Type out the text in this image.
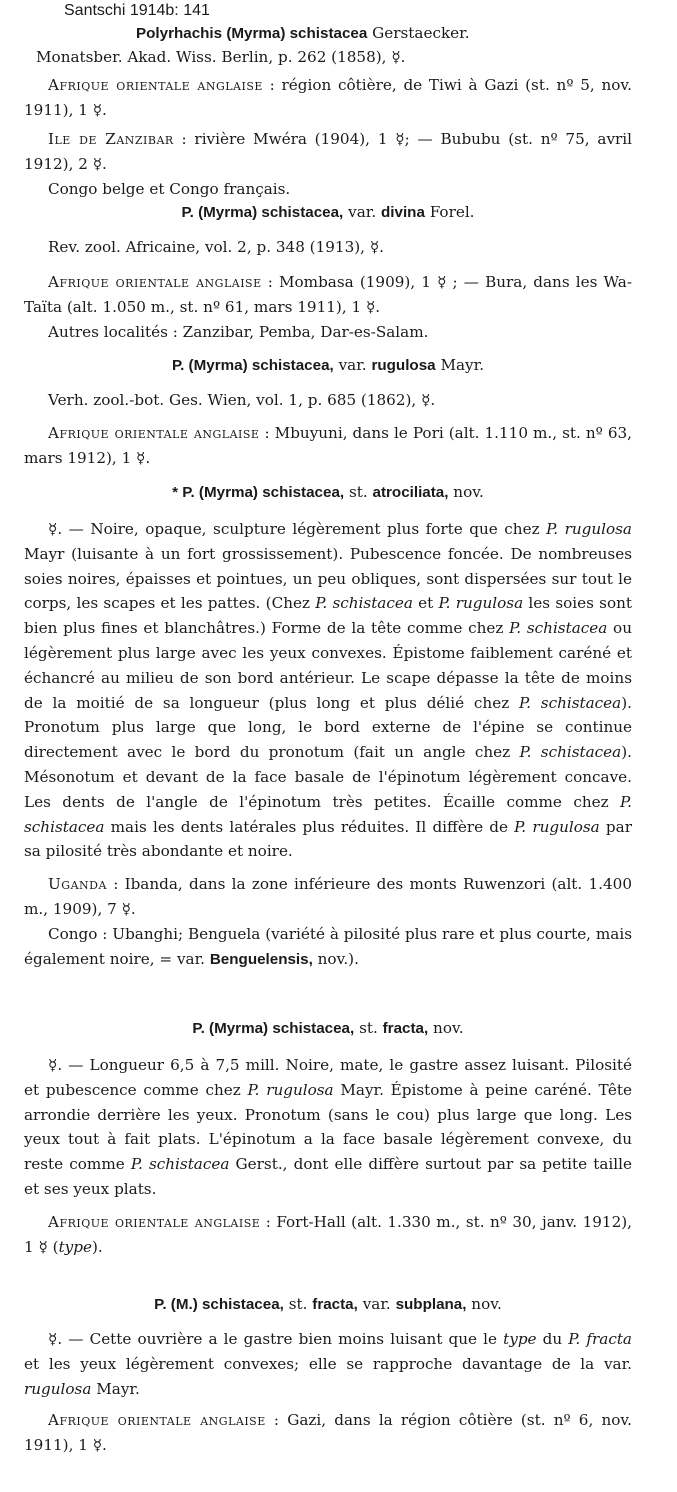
Santschi 1914b: 141

Polyrhachis (Myrma) schistacea Gerstaecker.

Monatsber. Akad. Wiss. Berlin, p. 262 (1858), ☿.

Afrique orientale anglaise : région côtière, de Tiwi à Gazi (st. nº 5, nov. 1911), 1 ☿.

Ile de Zanzibar : rivière Mwéra (1904), 1 ☿; — Bububu (st. nº 75, avril 1912), 2 ☿.

Congo belge et Congo français.

P. (Myrma) schistacea, var. divina Forel.

Rev. zool. Africaine, vol. 2, p. 348 (1913), ☿.

Afrique orientale anglaise : Mombasa (1909), 1 ☿ ; — Bura, dans les Wa-Taïta (alt. 1.050 m., st. nº 61, mars 1911), 1 ☿.

Autres localités : Zanzibar, Pemba, Dar-es-Salam.

P. (Myrma) schistacea, var. rugulosa Mayr.

Verh. zool.-bot. Ges. Wien, vol. 1, p. 685 (1862), ☿.

Afrique orientale anglaise : Mbuyuni, dans le Pori (alt. 1.110 m., st. nº 63, mars 1912), 1 ☿.

* P. (Myrma) schistacea, st. atrociliata, nov.

☿. — Noire, opaque, sculpture légèrement plus forte que chez P. rugulosa Mayr (luisante à un fort grossissement). Pubescence foncée. De nombreuses soies noires, épaisses et pointues, un peu obliques, sont dispersées sur tout le corps, les scapes et les pattes. (Chez P. schistacea et P. rugulosa les soies sont bien plus fines et blanchâtres.) Forme de la tête comme chez P. schistacea ou légèrement plus large avec les yeux convexes. Épistome faiblement caréné et échancré au milieu de son bord antérieur. Le scape dépasse la tête de moins de la moitié de sa longueur (plus long et plus délié chez P. schistacea). Pronotum plus large que long, le bord externe de l'épine se continue directement avec le bord du pronotum (fait un angle chez P. schistacea). Mésonotum et devant de la face basale de l'épinotum légèrement concave. Les dents de l'angle de l'épinotum très petites. Écaille comme chez P. schistacea mais les dents latérales plus réduites. Il diffère de P. rugulosa par sa pilosité très abondante et noire.

Uganda : Ibanda, dans la zone inférieure des monts Ruwenzori (alt. 1.400 m., 1909), 7 ☿.

Congo : Ubanghi; Benguela (variété à pilosité plus rare et plus courte, mais également noire, = var. Benguelensis, nov.).

P. (Myrma) schistacea, st. fracta, nov.

☿. — Longueur 6,5 à 7,5 mill. Noire, mate, le gastre assez luisant. Pilosité et pubescence comme chez P. rugulosa Mayr. Épistome à peine caréné. Tête arrondie derrière les yeux. Pronotum (sans le cou) plus large que long. Les yeux tout à fait plats. L'épinotum a la face basale légèrement convexe, du reste comme P. schistacea Gerst., dont elle diffère surtout par sa petite taille et ses yeux plats.

Afrique orientale anglaise : Fort-Hall (alt. 1.330 m., st. nº 30, janv. 1912), 1 ☿ (type).

P. (M.) schistacea, st. fracta, var. subplana, nov.

☿. — Cette ouvrière a le gastre bien moins luisant que le type du P. fracta et les yeux légèrement convexes; elle se rapproche davantage de la var. rugulosa Mayr.

Afrique orientale anglaise : Gazi, dans la région côtière (st. nº 6, nov. 1911), 1 ☿.
